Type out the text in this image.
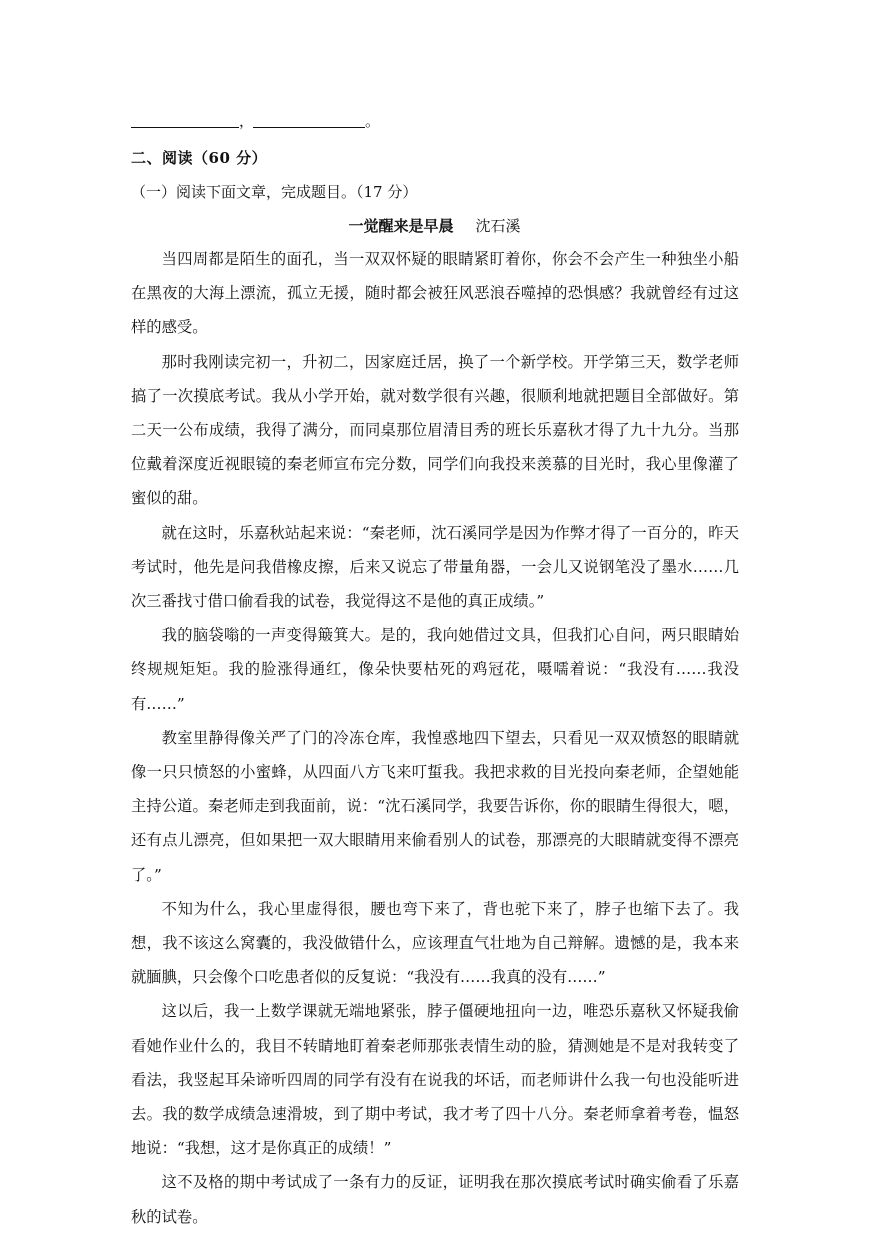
，	。
二、阅读（60 分）
（一）阅读下面文章，完成题目。（17 分）
一觉醒来是早晨 沈石溪

当四周都是陌生的面孔，当一双双怀疑的眼睛紧盯着你，你会不会产生一种独坐小船在黑夜的大海上漂流，孤立无援，随时都会被狂风恶浪吞噬掉的恐惧感？我就曾经有过这样的感受。

那时我刚读完初一，升初二，因家庭迁居，换了一个新学校。开学第三天，数学老师搞了一次摸底考试。我从小学开始，就对数学很有兴趣，很顺利地就把题目全部做好。第二天一公布成绩，我得了满分，而同桌那位眉清目秀的班长乐嘉秋才得了九十九分。当那位戴着深度近视眼镜的秦老师宣布完分数，同学们向我投来羡慕的目光时，我心里像灌了蜜似的甜。

就在这时，乐嘉秋站起来说：“秦老师，沈石溪同学是因为作弊才得了一百分的，昨天考试时，他先是问我借橡皮擦，后来又说忘了带量角器，一会儿又说钢笔没了墨水……几次三番找寸借口偷看我的试卷，我觉得这不是他的真正成绩。”

我的脑袋嗡的一声变得簸箕大。是的，我向她借过文具，但我扪心自问，两只眼睛始终规规矩矩。我的脸涨得通红，像朵快要枯死的鸡冠花，嗫嚅着说：“我没有……我没有……”

教室里静得像关严了门的冷冻仓库，我惶惑地四下望去，只看见一双双愤怒的眼睛就像一只只愤怒的小蜜蜂，从四面八方飞来叮蜇我。我把求救的目光投向秦老师，企望她能主持公道。秦老师走到我面前，说：“沈石溪同学，我要告诉你，你的眼睛生得很大，嗯，还有点儿漂亮，但如果把一双大眼睛用来偷看别人的试卷，那漂亮的大眼睛就变得不漂亮了。”

不知为什么，我心里虚得很，腰也弯下来了，背也驼下来了，脖子也缩下去了。我想，我不该这么窝囊的，我没做错什么，应该理直气壮地为自己辩解。遗憾的是，我本来就腼腆，只会像个口吃患者似的反复说：“我没有……我真的没有……”

这以后，我一上数学课就无端地紧张，脖子僵硬地扭向一边，唯恐乐嘉秋又怀疑我偷看她作业什么的，我目不转睛地盯着秦老师那张表情生动的脸，猜测她是不是对我转变了看法，我竖起耳朵谛听四周的同学有没有在说我的坏话，而老师讲什么我一句也没能听进去。我的数学成绩急速滑坡，到了期中考试，我才考了四十八分。秦老师拿着考卷，愠怒地说：“我想，这才是你真正的成绩！”

这不及格的期中考试成了一条有力的反证，证明我在那次摸底考试时确实偷看了乐嘉秋的试卷。
